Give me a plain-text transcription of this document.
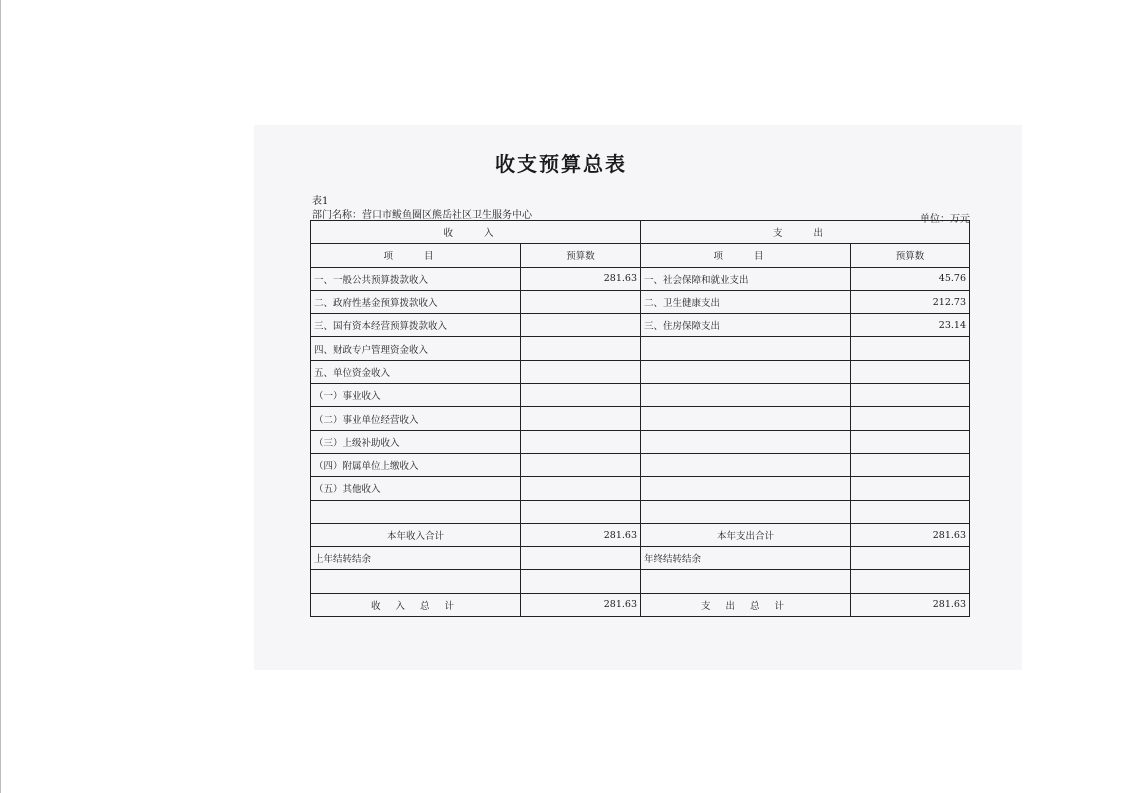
收支预算总表
表1
部门名称：营口市鲅鱼圈区熊岳社区卫生服务中心	单位：万元
收 入		支 出	
项 目	预算数	项 目	预算数
一、一般公共预算拨款收入	281.63	一、社会保障和就业支出	45.76
二、政府性基金预算拨款收入		二、卫生健康支出	212.73
三、国有资本经营预算拨款收入		三、住房保障支出	23.14
四、财政专户管理资金收入			
五、单位资金收入			
（一）事业收入			
（二）事业单位经营收入			
（三）上级补助收入			
（四）附属单位上缴收入			
（五）其他收入			

本年收入合计	281.63	本年支出合计	281.63
上年结转结余		年终结转结余	

收 入 总 计	281.63	支 出 总 计	281.63
